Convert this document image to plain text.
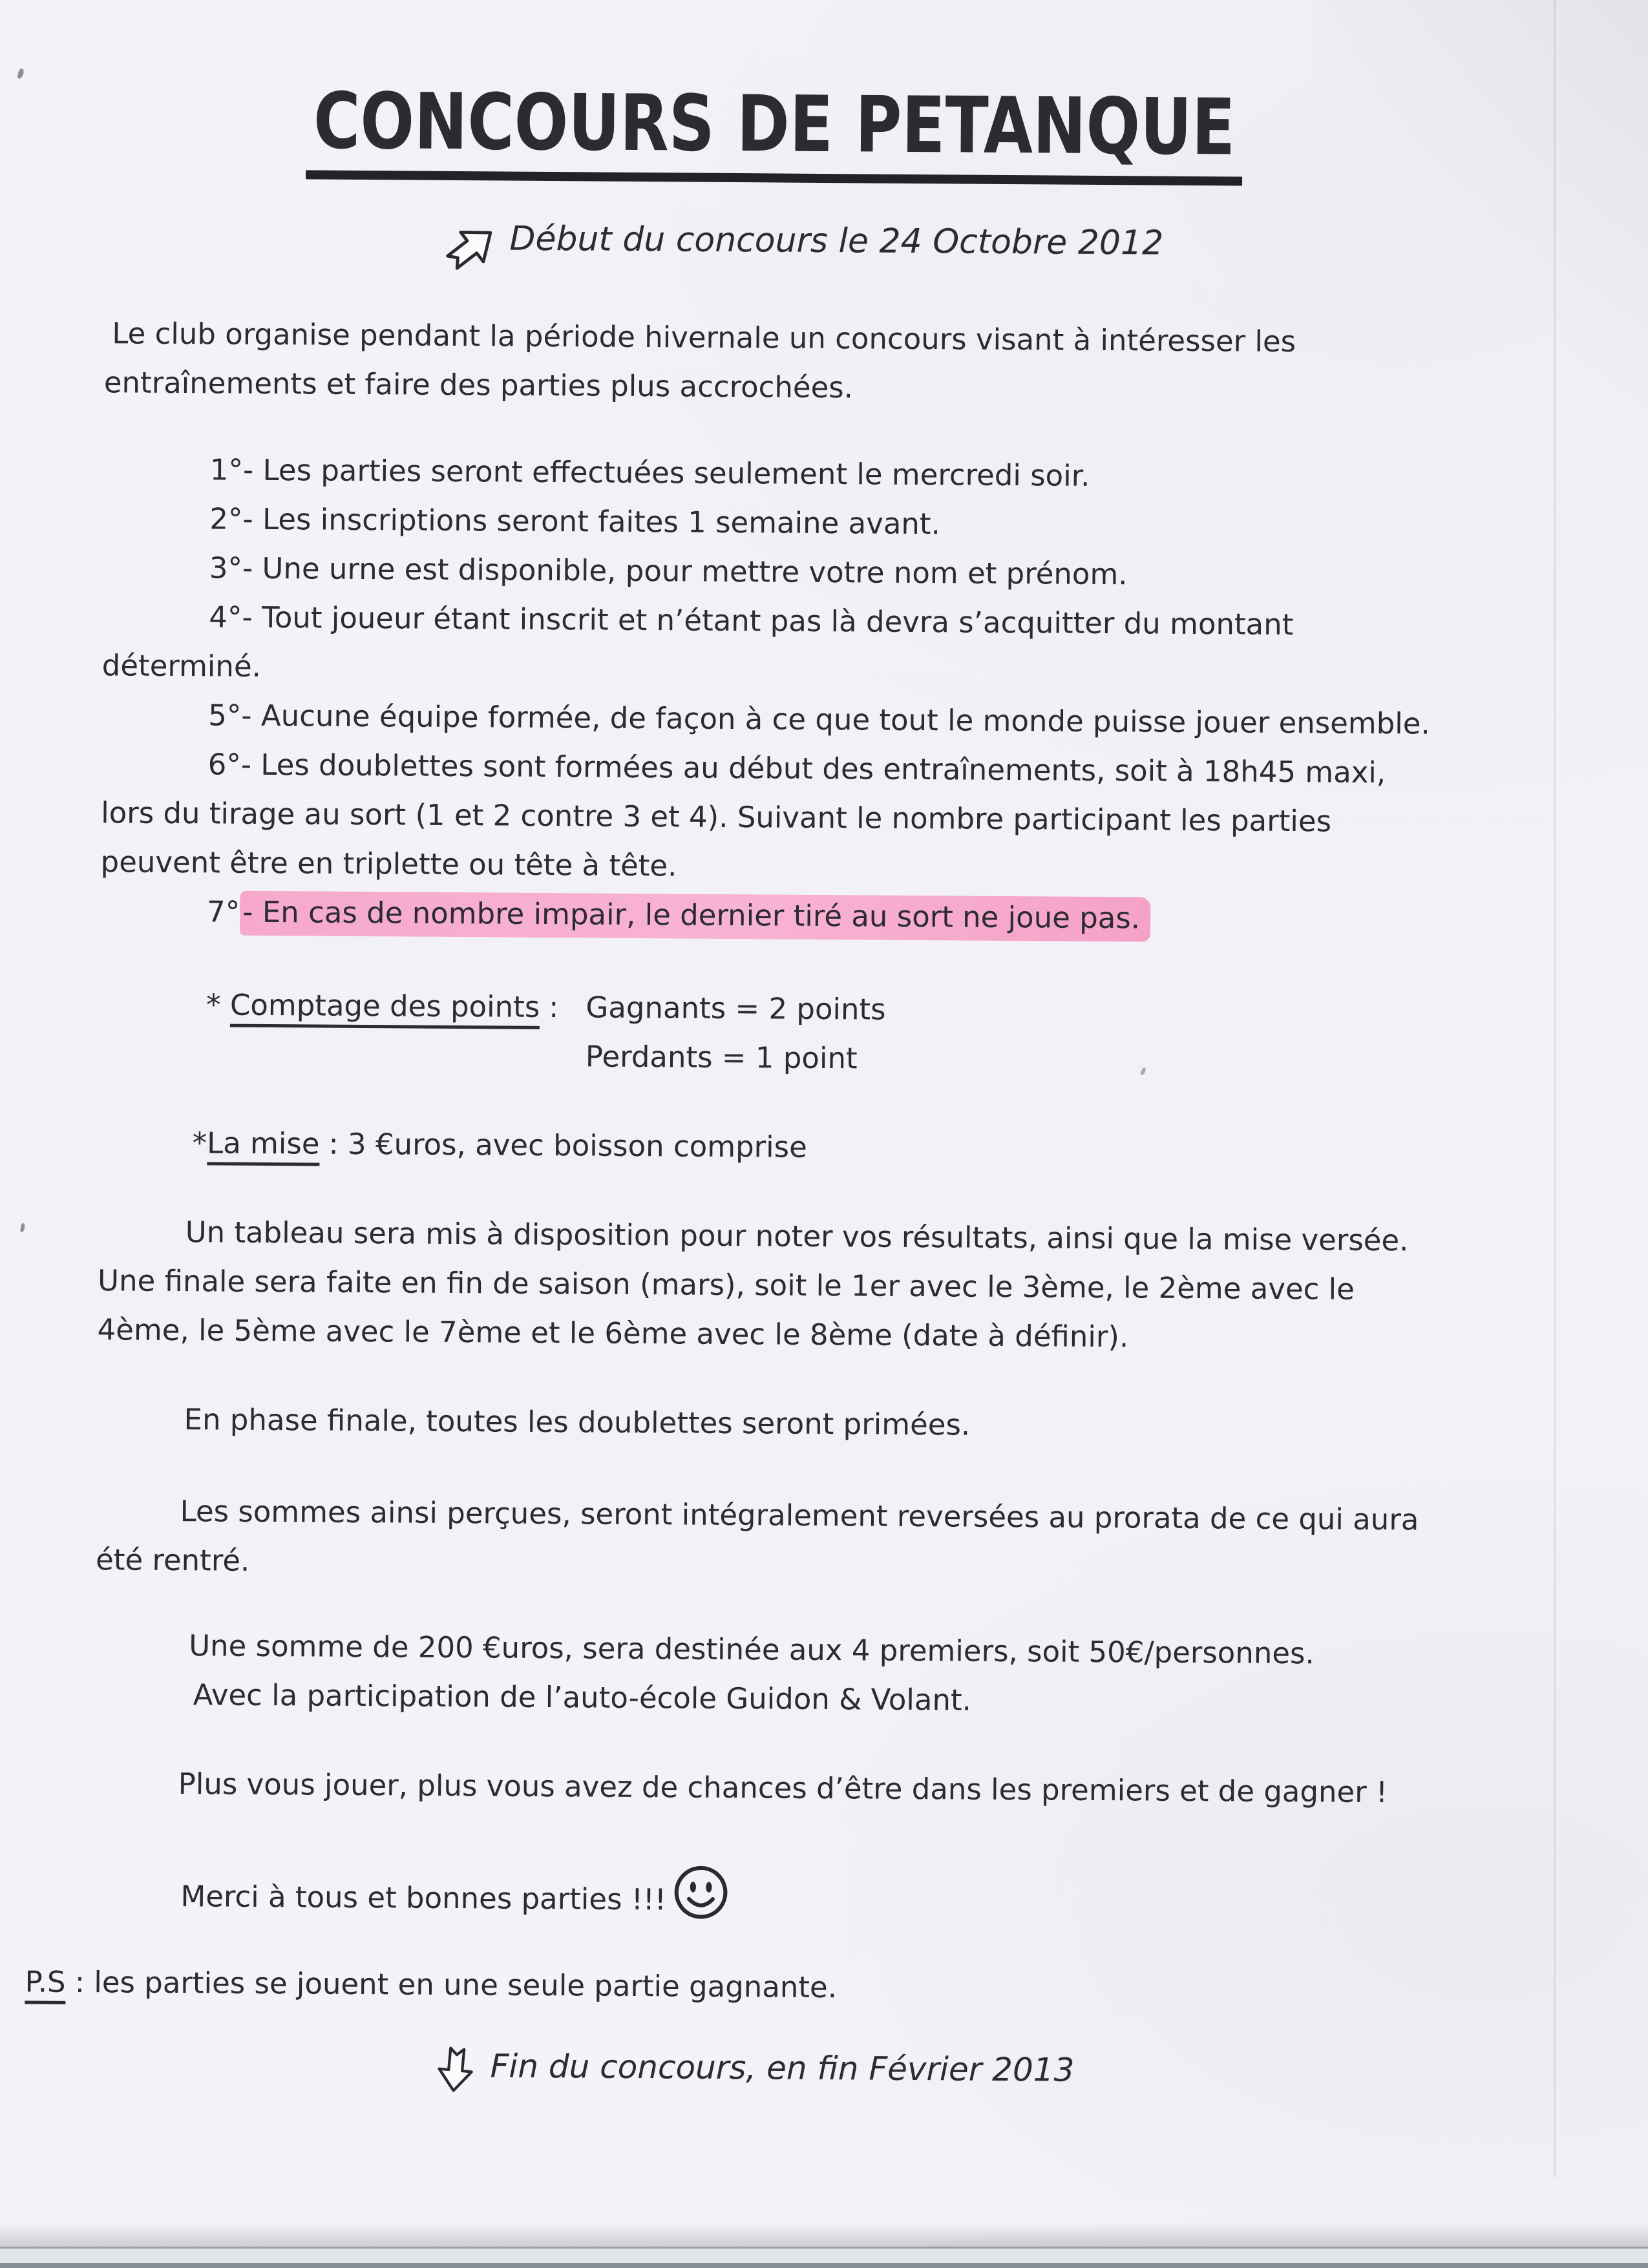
CONCOURS DE PETANQUE
Début du concours le 24 Octobre 2012
Le club organise pendant la période hivernale un concours visant à intéresser les entraînements et faire des parties plus accrochées.
1°- Les parties seront effectuées seulement le mercredi soir.
2°- Les inscriptions seront faites 1 semaine avant.
3°- Une urne est disponible, pour mettre votre nom et prénom.
4°- Tout joueur étant inscrit et n’étant pas là devra s’acquitter du montant déterminé.
5°- Aucune équipe formée, de façon à ce que tout le monde puisse jouer ensemble.
6°- Les doublettes sont formées au début des entraînements, soit à 18h45 maxi, lors du tirage au sort (1 et 2 contre 3 et 4). Suivant le nombre participant les parties peuvent être en triplette ou tête à tête.
7°- En cas de nombre impair, le dernier tiré au sort ne joue pas.
* Comptage des points : Gagnants = 2 points
Perdants = 1 point
*La mise : 3 €uros, avec boisson comprise
Un tableau sera mis à disposition pour noter vos résultats, ainsi que la mise versée. Une finale sera faite en fin de saison (mars), soit le 1er avec le 3ème, le 2ème avec le 4ème, le 5ème avec le 7ème et le 6ème avec le 8ème (date à définir).
En phase finale, toutes les doublettes seront primées.
Les sommes ainsi perçues, seront intégralement reversées au prorata de ce qui aura été rentré.
Une somme de 200 €uros, sera destinée aux 4 premiers, soit 50€/personnes.
Avec la participation de l’auto-école Guidon & Volant.
Plus vous jouer, plus vous avez de chances d’être dans les premiers et de gagner !
Merci à tous et bonnes parties !!!
P.S : les parties se jouent en une seule partie gagnante.
Fin du concours, en fin Février 2013
